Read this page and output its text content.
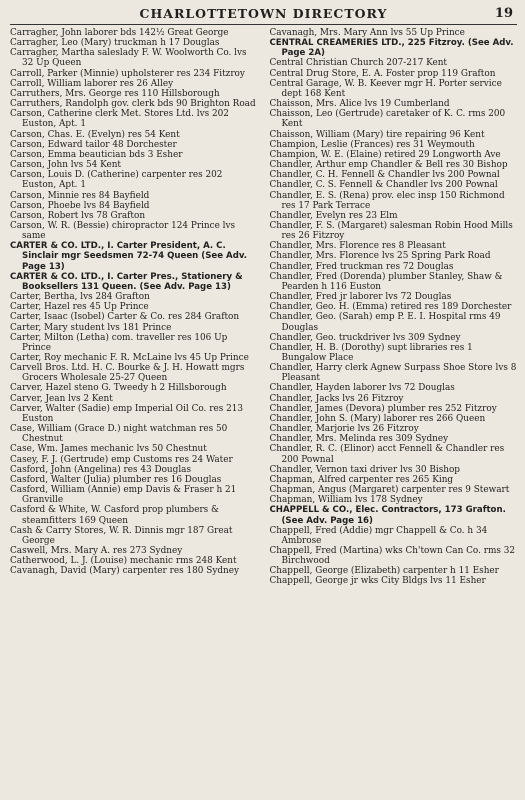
CHARLOTTETOWN DIRECTORY	19
Carragher, John laborer bds 142½ Great George
Carragher, Leo (Mary) truckman h 17 Douglas
Carragher, Martha saleslady F. W. Woolworth Co. lvs 32 Up Queen
Carroll, Parker (Minnie) upholsterer res 234 Fitzroy
Carroll, William laborer res 26 Alley
Carruthers, Mrs. George res 110 Hillsborough
Carruthers, Randolph gov. clerk bds 90 Brighton Road
Carson, Catherine clerk Met. Stores Ltd. lvs 202 Euston, Apt. 1
Carson, Chas. E. (Evelyn) res 54 Kent
Carson, Edward tailor 48 Dorchester
Carson, Emma beautician bds 3 Esher
Carson, John lvs 54 Kent
Carson, Louis D. (Catherine) carpenter res 202 Euston, Apt. 1
Carson, Minnie res 84 Bayfield
Carson, Phoebe lvs 84 Bayfield
Carson, Robert lvs 78 Grafton
Carson, W. R. (Bessie) chiropractor 124 Prince lvs same
CARTER & CO. LTD., I. Carter President, A. C. Sinclair mgr Seedsmen 72-74 Queen (See Adv. Page 13)
CARTER & CO. LTD., I. Carter Pres., Stationery & Booksellers 131 Queen. (See Adv. Page 13)
Carter, Bertha, lvs 284 Grafton
Carter, Hazel res 45 Up Prince
Carter, Isaac (Isobel) Carter & Co. res 284 Grafton
Carter, Mary student lvs 181 Prince
Carter, Milton (Letha) com. traveller res 106 Up Prince
Carter, Roy mechanic F. R. McLaine lvs 45 Up Prince
Carvell Bros. Ltd. H. C. Bourke & J. H. Howatt mgrs Grocers Wholesale 25-27 Queen
Carver, Hazel steno G. Tweedy h 2 Hillsborough
Carver, Jean lvs 2 Kent
Carver, Walter (Sadie) emp Imperial Oil Co. res 213 Euston
Case, William (Grace D.) night watchman res 50 Chestnut
Case, Wm. James mechanic lvs 50 Chestnut
Casey, F. J. (Gertrude) emp Customs res 24 Water
Casford, John (Angelina) res 43 Douglas
Casford, Walter (Julia) plumber res 16 Douglas
Casford, William (Annie) emp Davis & Fraser h 21 Granville
Casford & White, W. Casford prop plumbers & steamfitters 169 Queen
Cash & Carry Stores, W. R. Dinnis mgr 187 Great George
Caswell, Mrs. Mary A. res 273 Sydney
Catherwood, L. J. (Louise) mechanic rms 248 Kent
Cavanagh, David (Mary) carpenter res 180 Sydney
Cavanagh, Mrs. Mary Ann lvs 55 Up Prince
CENTRAL CREAMERIES LTD., 225 Fitzroy. (See Adv. Page 2A)
Central Christian Church 207-217 Kent
Central Drug Store, E. A. Foster prop 119 Grafton
Central Garage, W. B. Keever mgr H. Porter service dept 168 Kent
Chaisson, Mrs. Alice lvs 19 Cumberland
Chaisson, Leo (Gertrude) caretaker of K. C. rms 200 Kent
Chaisson, William (Mary) tire repairing 96 Kent
Champion, Leslie (Frances) res 31 Weymouth
Champion, W. E. (Elaine) retired 29 Longworth Ave
Chandler, Arthur emp Chandler & Bell res 30 Bishop
Chandler, C. H. Fennell & Chandler lvs 200 Pownal
Chandler, C. S. Fennell & Chandler lvs 200 Pownal
Chandler, E. S. (Rena) prov. elec insp 150 Richmond res 17 Park Terrace
Chandler, Evelyn res 23 Elm
Chandler, F. S. (Margaret) salesman Robin Hood Mills res 26 Fitzroy
Chandler, Mrs. Florence res 8 Pleasant
Chandler, Mrs. Florence lvs 25 Spring Park Road
Chandler, Fred truckman res 72 Douglas
Chandler, Fred (Dorenda) plumber Stanley, Shaw & Pearden h 116 Euston
Chandler, Fred jr laborer lvs 72 Douglas
Chandler, Geo. H. (Emma) retired res 189 Dorchester
Chandler, Geo. (Sarah) emp P. E. I. Hospital rms 49 Douglas
Chandler, Geo. truckdriver lvs 309 Sydney
Chandler, H. B. (Dorothy) supt libraries res 1 Bungalow Place
Chandler, Harry clerk Agnew Surpass Shoe Store lvs 8 Pleasant
Chandler, Hayden laborer lvs 72 Douglas
Chandler, Jacks lvs 26 Fitzroy
Chandler, James (Devora) plumber res 252 Fitzroy
Chandler, John S. (Mary) laborer res 266 Queen
Chandler, Marjorie lvs 26 Fitzroy
Chandler, Mrs. Melinda res 309 Sydney
Chandler, R. C. (Elinor) acct Fennell & Chandler res 200 Pownal
Chandler, Vernon taxi driver lvs 30 Bishop
Chapman, Alfred carpenter res 265 King
Chapman, Angus (Margaret) carpenter res 9 Stewart
Chapman, William lvs 178 Sydney
CHAPPELL & CO., Elec. Contractors, 173 Grafton. (See Adv. Page 16)
Chappell, Fred (Addie) mgr Chappell & Co. h 34 Ambrose
Chappell, Fred (Martina) wks Ch'town Can Co. rms 32 Birchwood
Chappell, George (Elizabeth) carpenter h 11 Esher
Chappell, George jr wks City Bldgs lvs 11 Esher
